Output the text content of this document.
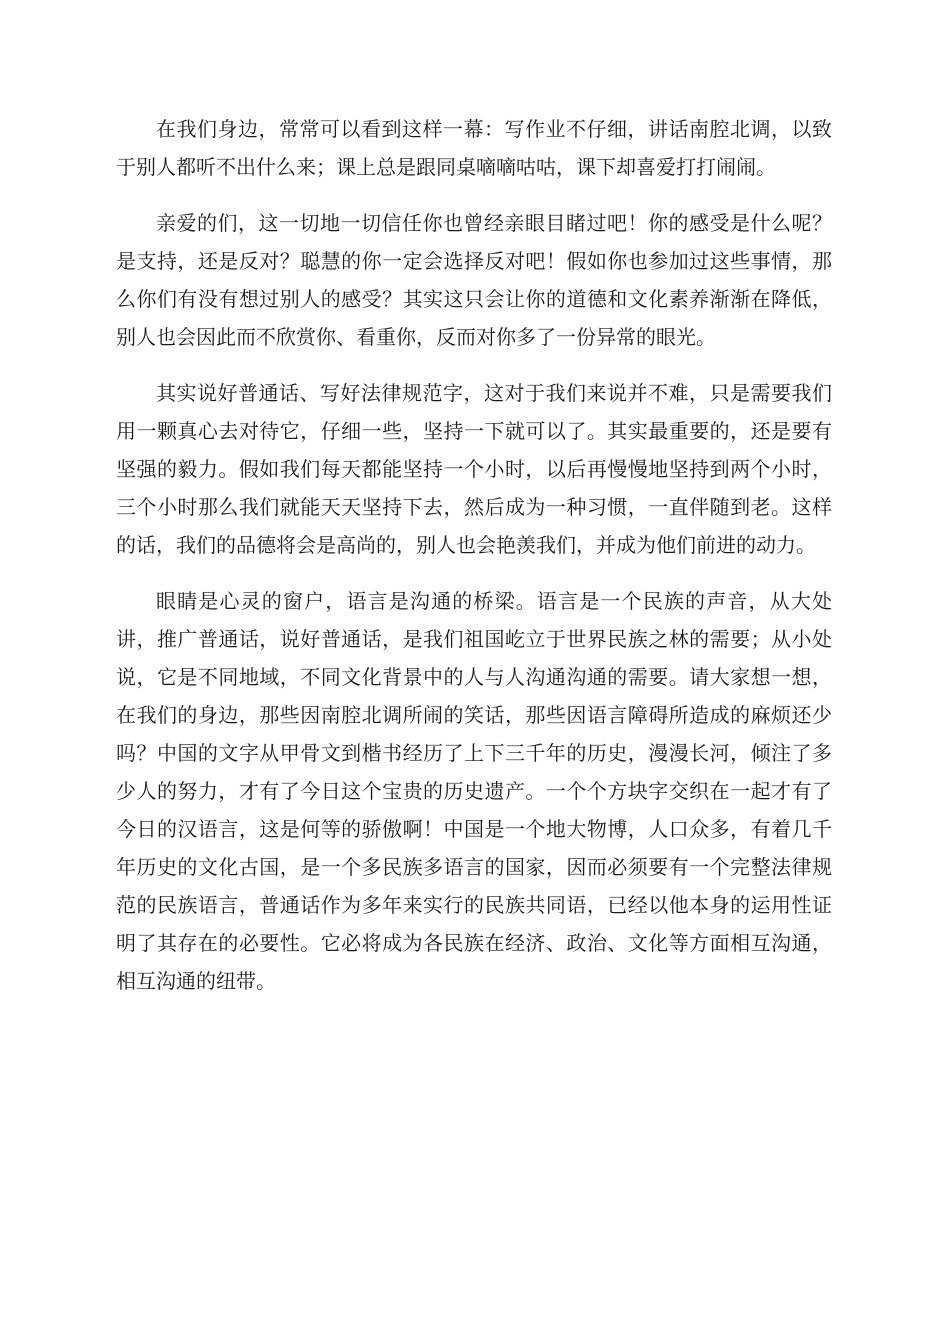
在我们身边，常常可以看到这样一幕：写作业不仔细，讲话南腔北调，以致于别人都听不出什么来；课上总是跟同桌嘀嘀咕咕，课下却喜爱打打闹闹。

亲爱的们，这一切地一切信任你也曾经亲眼目睹过吧！你的感受是什么呢？是支持，还是反对？聪慧的你一定会选择反对吧！假如你也参加过这些事情，那么你们有没有想过别人的感受？其实这只会让你的道德和文化素养渐渐在降低，别人也会因此而不欣赏你、看重你，反而对你多了一份异常的眼光。

其实说好普通话、写好法律规范字，这对于我们来说并不难，只是需要我们用一颗真心去对待它，仔细一些，坚持一下就可以了。其实最重要的，还是要有坚强的毅力。假如我们每天都能坚持一个小时，以后再慢慢地坚持到两个小时，三个小时那么我们就能天天坚持下去，然后成为一种习惯，一直伴随到老。这样的话，我们的品德将会是高尚的，别人也会艳羡我们，并成为他们前进的动力。

眼睛是心灵的窗户，语言是沟通的桥梁。语言是一个民族的声音，从大处讲，推广普通话，说好普通话，是我们祖国屹立于世界民族之林的需要；从小处说，它是不同地域，不同文化背景中的人与人沟通沟通的需要。请大家想一想，在我们的身边，那些因南腔北调所闹的笑话，那些因语言障碍所造成的麻烦还少吗？中国的文字从甲骨文到楷书经历了上下三千年的历史，漫漫长河，倾注了多少人的努力，才有了今日这个宝贵的历史遗产。一个个方块字交织在一起才有了今日的汉语言，这是何等的骄傲啊！中国是一个地大物博，人口众多，有着几千年历史的文化古国，是一个多民族多语言的国家，因而必须要有一个完整法律规范的民族语言，普通话作为多年来实行的民族共同语，已经以他本身的运用性证明了其存在的必要性。它必将成为各民族在经济、政治、文化等方面相互沟通，相互沟通的纽带。
